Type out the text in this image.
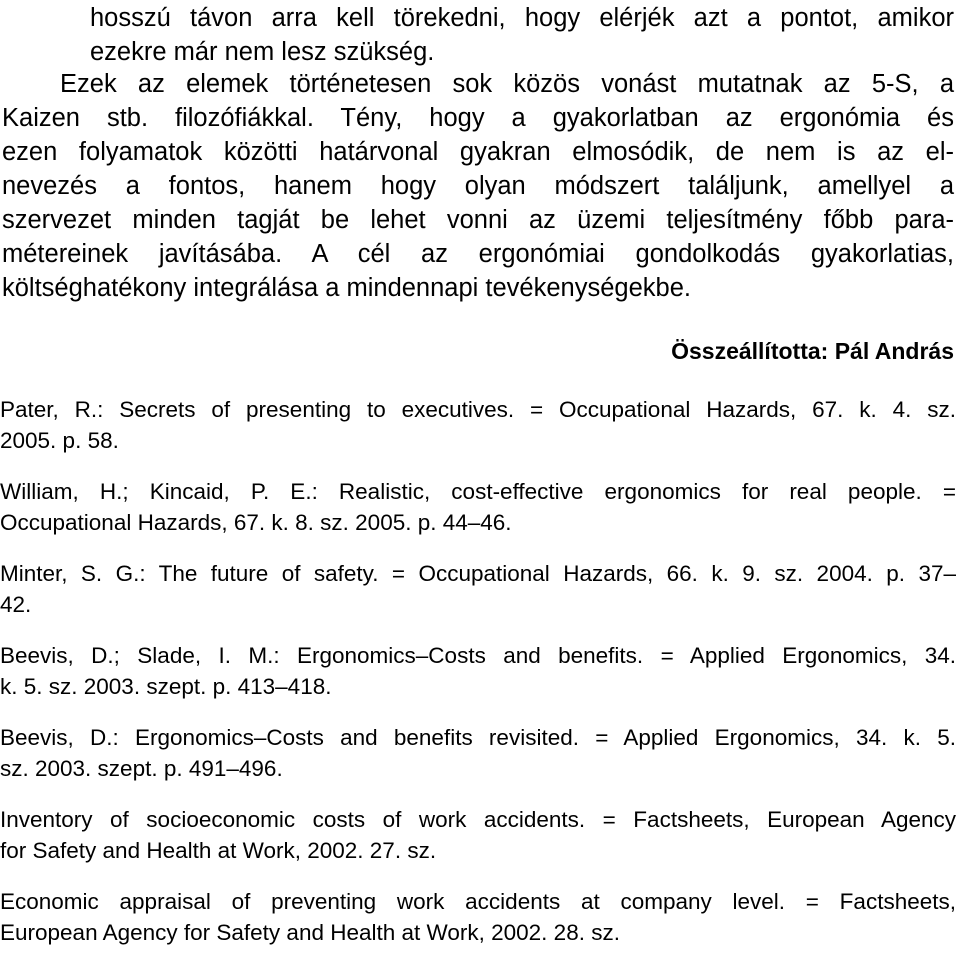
hosszú távon arra kell törekedni, hogy elérjék azt a pontot, amikor
ezekre már nem lesz szükség.

Ezek az elemek történetesen sok közös vonást mutatnak az 5-S, a
Kaizen stb. filozófiákkal. Tény, hogy a gyakorlatban az ergonómia és
ezen folyamatok közötti határvonal gyakran elmosódik, de nem is az el-
nevezés a fontos, hanem hogy olyan módszert találjunk, amellyel a
szervezet minden tagját be lehet vonni az üzemi teljesítmény főbb para-
métereinek javításába. A cél az ergonómiai gondolkodás gyakorlatias,
költséghatékony integrálása a mindennapi tevékenységekbe.

Összeállította: Pál András

Pater, R.: Secrets of presenting to executives. = Occupational Hazards, 67. k. 4. sz.
2005. p. 58.
William, H.; Kincaid, P. E.: Realistic, cost-effective ergonomics for real people. =
Occupational Hazards, 67. k. 8. sz. 2005. p. 44–46.
Minter, S. G.: The future of safety. = Occupational Hazards, 66. k. 9. sz. 2004. p. 37–
42.
Beevis, D.; Slade, I. M.: Ergonomics–Costs and benefits. = Applied Ergonomics, 34.
k. 5. sz. 2003. szept. p. 413–418.
Beevis, D.: Ergonomics–Costs and benefits revisited. = Applied Ergonomics, 34. k. 5.
sz. 2003. szept. p. 491–496.
Inventory of socioeconomic costs of work accidents. = Factsheets, European Agency
for Safety and Health at Work, 2002. 27. sz.
Economic appraisal of preventing work accidents at company level. = Factsheets,
European Agency for Safety and Health at Work, 2002. 28. sz.
